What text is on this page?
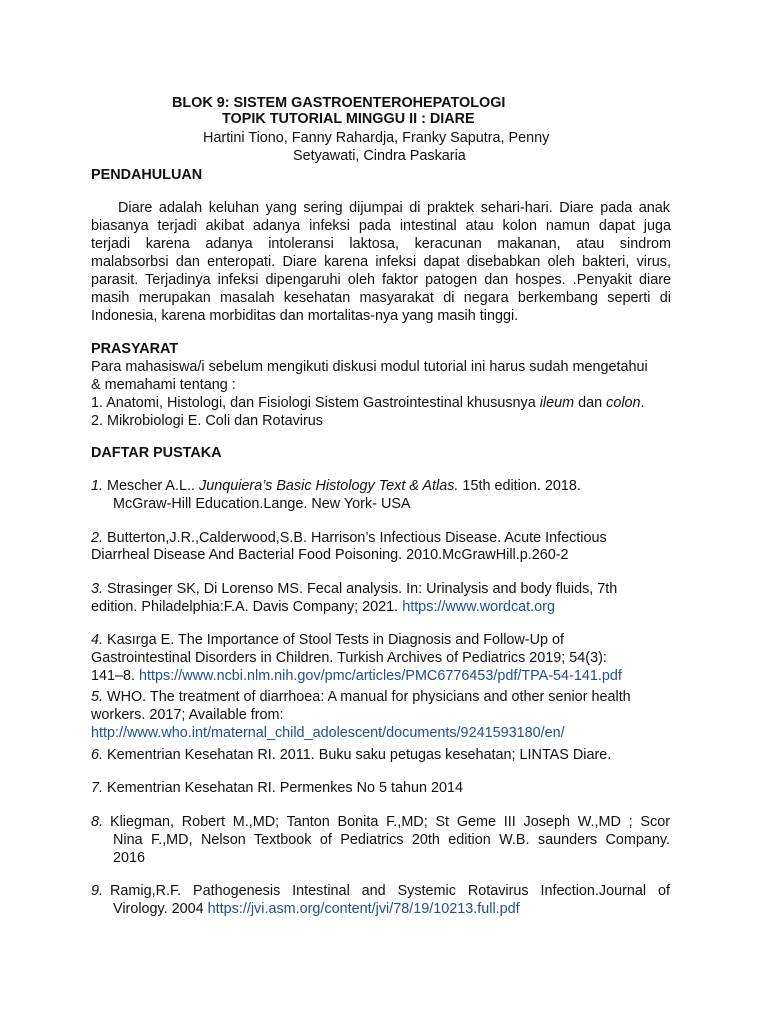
BLOK 9: SISTEM GASTROENTEROHEPATOLOGI
TOPIK TUTORIAL MINGGU II : DIARE
Hartini Tiono, Fanny Rahardja, Franky Saputra, Penny
Setyawati, Cindra Paskaria
PENDAHULUAN
Diare adalah keluhan yang sering dijumpai di praktek sehari-hari. Diare pada anak
biasanya terjadi akibat adanya infeksi pada intestinal atau kolon namun dapat juga
terjadi karena adanya intoleransi laktosa, keracunan makanan, atau sindrom
malabsorbsi dan enteropati. Diare karena infeksi dapat disebabkan oleh bakteri, virus,
parasit. Terjadinya infeksi dipengaruhi oleh faktor patogen dan hospes. .Penyakit diare
masih merupakan masalah kesehatan masyarakat di negara berkembang seperti di
Indonesia, karena morbiditas dan mortalitas-nya yang masih tinggi.
PRASYARAT
Para mahasiswa/i sebelum mengikuti diskusi modul tutorial ini harus sudah mengetahui
& memahami tentang :
1. Anatomi, Histologi, dan Fisiologi Sistem Gastrointestinal khususnya ileum dan colon.
2. Mikrobiologi E. Coli dan Rotavirus
DAFTAR PUSTAKA
1. Mescher A.L.. Junquiera’s Basic Histology Text & Atlas. 15th edition. 2018.
McGraw-Hill Education.Lange. New York- USA
2. Butterton,J.R.,Calderwood,S.B. Harrison’s Infectious Disease. Acute Infectious
Diarrheal Disease And Bacterial Food Poisoning. 2010.McGrawHill.p.260-2
3. Strasinger SK, Di Lorenso MS. Fecal analysis. In: Urinalysis and body fluids, 7th
edition. Philadelphia:F.A. Davis Company; 2021. https://www.wordcat.org
4. Kasırga E. The Importance of Stool Tests in Diagnosis and Follow-Up of
Gastrointestinal Disorders in Children. Turkish Archives of Pediatrics 2019; 54(3):
141–8. https://www.ncbi.nlm.nih.gov/pmc/articles/PMC6776453/pdf/TPA-54-141.pdf
5. WHO. The treatment of diarrhoea: A manual for physicians and other senior health
workers. 2017; Available from:
http://www.who.int/maternal_child_adolescent/documents/9241593180/en/
6. Kementrian Kesehatan RI. 2011. Buku saku petugas kesehatan; LINTAS Diare.
7. Kementrian Kesehatan RI. Permenkes No 5 tahun 2014
8. Kliegman, Robert M.,MD; Tanton Bonita F.,MD; St Geme III Joseph W.,MD ; Scor
Nina F.,MD, Nelson Textbook of Pediatrics 20th edition W.B. saunders Company.
2016
9. Ramig,R.F. Pathogenesis Intestinal and Systemic Rotavirus Infection.Journal of
Virology. 2004 https://jvi.asm.org/content/jvi/78/19/10213.full.pdf
